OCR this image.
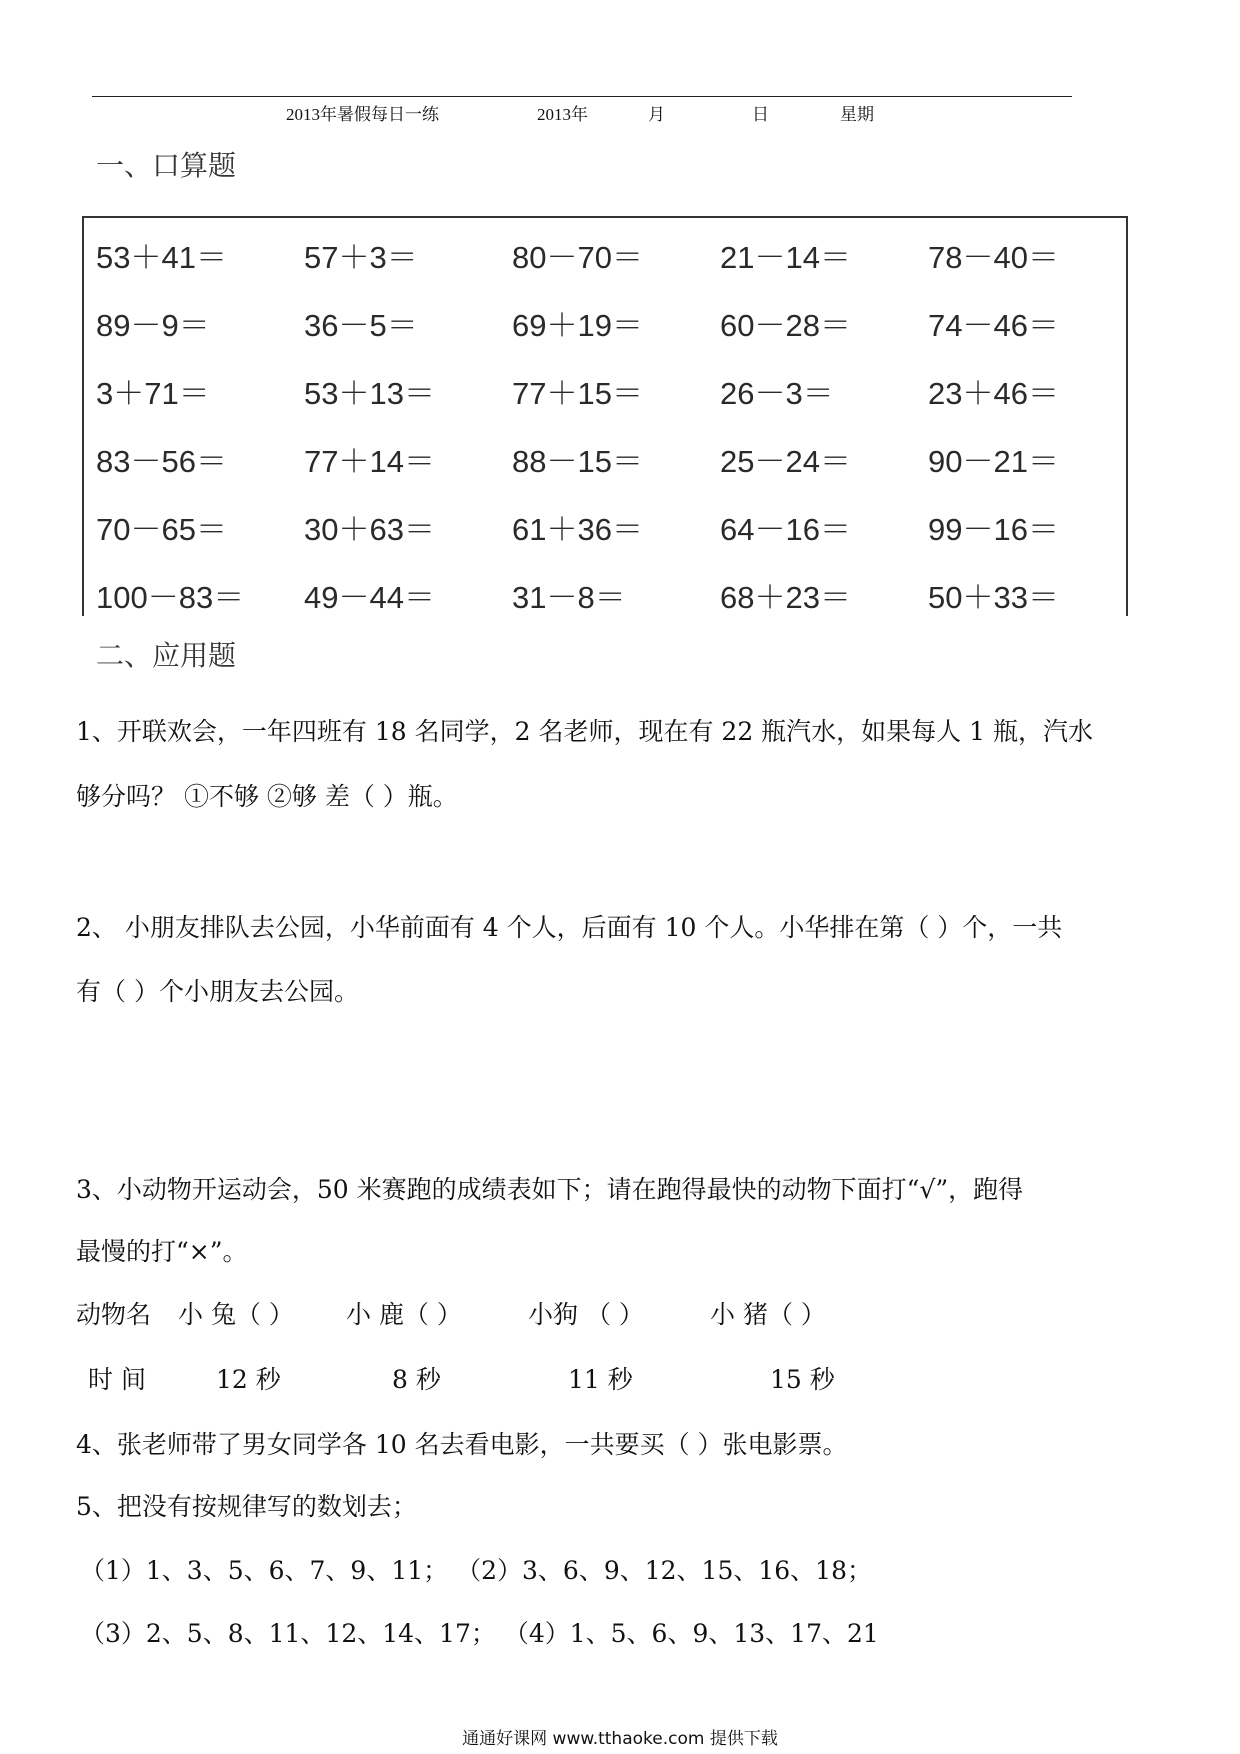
2013年暑假每日一练	2013年	月	日	星期
一、口算题
53＋41＝ 57＋3＝	80－70＝ 21－14＝ 78－40＝
89－9＝	36－5＝	69＋19＝ 60－28＝ 74－46＝
3＋71＝	53＋13＝ 77＋15＝ 26－3＝	23＋46＝
83－56＝ 77＋14＝ 88－15＝ 25－24＝ 90－21＝
70－65＝ 30＋63＝ 61＋36＝ 64－16＝ 99－16＝
100－83＝ 49－44＝ 31－8＝	68＋23＝ 50＋33＝
二、应用题
1、开联欢会，一年四班有 18 名同学，2 名老师，现在有 22 瓶汽水，如果每人 1 瓶，汽水
够分吗？ ①不够 ②够 差（ ）瓶。
2、 小朋友排队去公园，小华前面有 4 个人，后面有 10 个人。小华排在第（ ）个，一共
有（ ）个小朋友去公园。
3、小动物开运动会，50 米赛跑的成绩表如下；请在跑得最快的动物下面打“√”，跑得
最慢的打“×”。
动物名 小 兔（ ） 小 鹿（ ）	小狗 （ ）	小 猪（ ）
时 间	12 秒	8 秒	11 秒	15 秒
4、张老师带了男女同学各 10 名去看电影，一共要买（ ）张电影票。
5、把没有按规律写的数划去；
（1）1、3、5、6、7、9、11； （2）3、6、9、12、15、16、18；
（3）2、5、8、11、12、14、17； （4）1、5、6、9、13、17、21
通通好课网 www.tthaoke.com 提供下载
